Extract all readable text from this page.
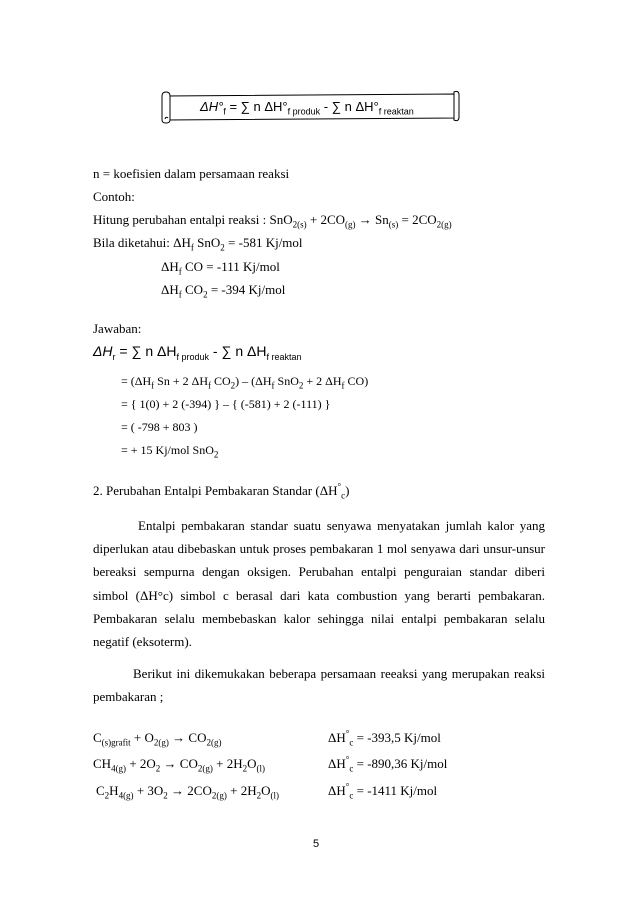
$\Delta H^\circ_f$ = ∑ n $\Delta H^\circ_{f produk}$ - ∑ n $\Delta H^\circ_{f reaktan}$
n = koefisien dalam persamaan reaksi
Contoh:
Hitung perubahan entalpi reaksi : $SnO_{2(s)} + 2CO_{(g)} \to Sn_{(s)} = 2CO_{2(g)}$
Bila diketahui: $\Delta H_f$ SnO$_2$ = -581 Kj/mol
$\Delta H_f$ CO = -111 Kj/mol
$\Delta H_f$ $CO_2 = -394$ Kj/mol
Jawaban:
$\Delta H_r$ = ∑ n $\Delta H_{f produk}$ - ∑ n $\Delta H_{f reaktan}$
= ($\Delta H_f$ Sn + 2 $\Delta H_f$ $CO_2) - (\Delta H_f$ SnO$_2$ + 2 $\Delta H_f$ CO)
= { 1(0) + 2 (-394) } – { (-581) + 2 (-111) }
= ( -798 + 803 )
= + 15 Kj/mol SnO$_2$
2. Perubahan Entalpi Pembakaran Standar $(\Delta H^\circ_c)$
Entalpi pembakaran standar suatu senyawa menyatakan jumlah kalor yang diperlukan atau dibebaskan untuk proses pembakaran 1 mol senyawa dari unsur-unsur bereaksi sempurna dengan oksigen. Perubahan entalpi penguraian standar diberi simbol (ΔH°c) simbol c berasal dari kata combustion yang berarti pembakaran. Pembakaran selalu membebaskan kalor sehingga nilai entalpi pembakaran selalu negatif (eksoterm).
Berikut ini dikemukakan beberapa persamaan reeaksi yang merupakan reaksi pembakaran ;
$C_{(s)grafit} + O_{2(g)} \to CO_{2(g)}$	$\Delta H^\circ_c = -393,5$ Kj/mol
$CH_{4(g)} + 2O_2 \to CO_{2(g)} + 2H_2O_{(l)}$	$\Delta H^\circ_c = -890,36$ Kj/mol
$C_2H_{4(g)} + 3O_2 \to 2CO_{2(g)} + 2H_2O_{(l)}$	$\Delta H^\circ_c = -1411$ Kj/mol
5
